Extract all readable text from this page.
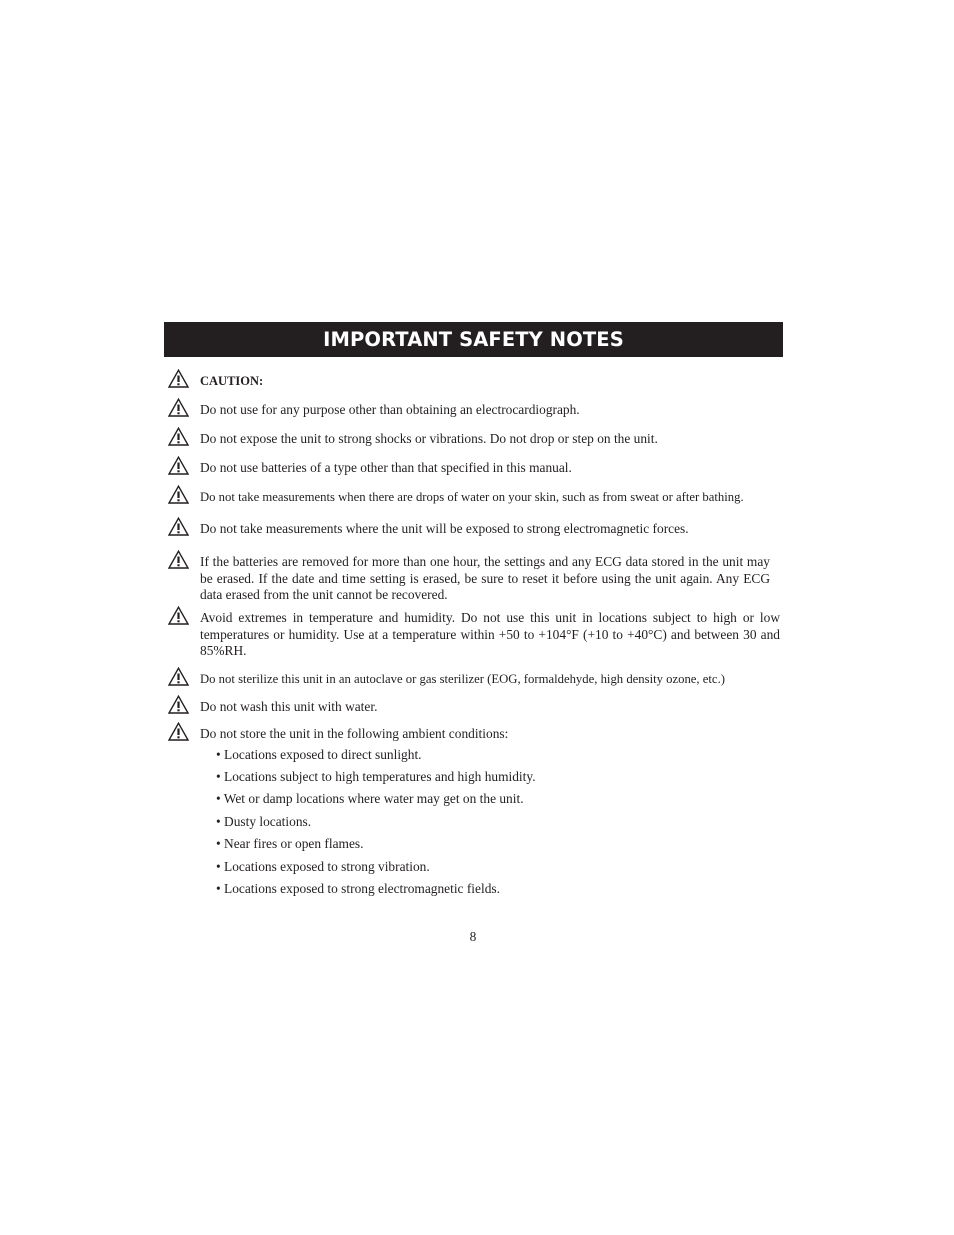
IMPORTANT SAFETY NOTES
CAUTION:
Do not use for any purpose other than obtaining an electrocardiograph.
Do not expose the unit to strong shocks or vibrations. Do not drop or step on the unit.
Do not use batteries of a type other than that specified in this manual.
Do not take measurements when there are drops of water on your skin, such as from sweat or after bathing.
Do not take measurements where the unit will be exposed to strong electromagnetic forces.
If the batteries are removed for more than one hour, the settings and any ECG data stored in the unit may be erased. If the date and time setting is erased, be sure to reset it before using the unit again. Any ECG data erased from the unit cannot be recovered.
Avoid extremes in temperature and humidity. Do not use this unit in locations subject to high or low temperatures or humidity. Use at a temperature within +50 to +104°F (+10 to +40°C) and between 30 and 85%RH.
Do not sterilize this unit in an autoclave or gas sterilizer (EOG, formaldehyde, high density ozone, etc.)
Do not wash this unit with water.
Do not store the unit in the following ambient conditions:
• Locations exposed to direct sunlight.
• Locations subject to high temperatures and high humidity.
• Wet or damp locations where water may get on the unit.
• Dusty locations.
• Near fires or open flames.
• Locations exposed to strong vibration.
• Locations exposed to strong electromagnetic fields.
8
